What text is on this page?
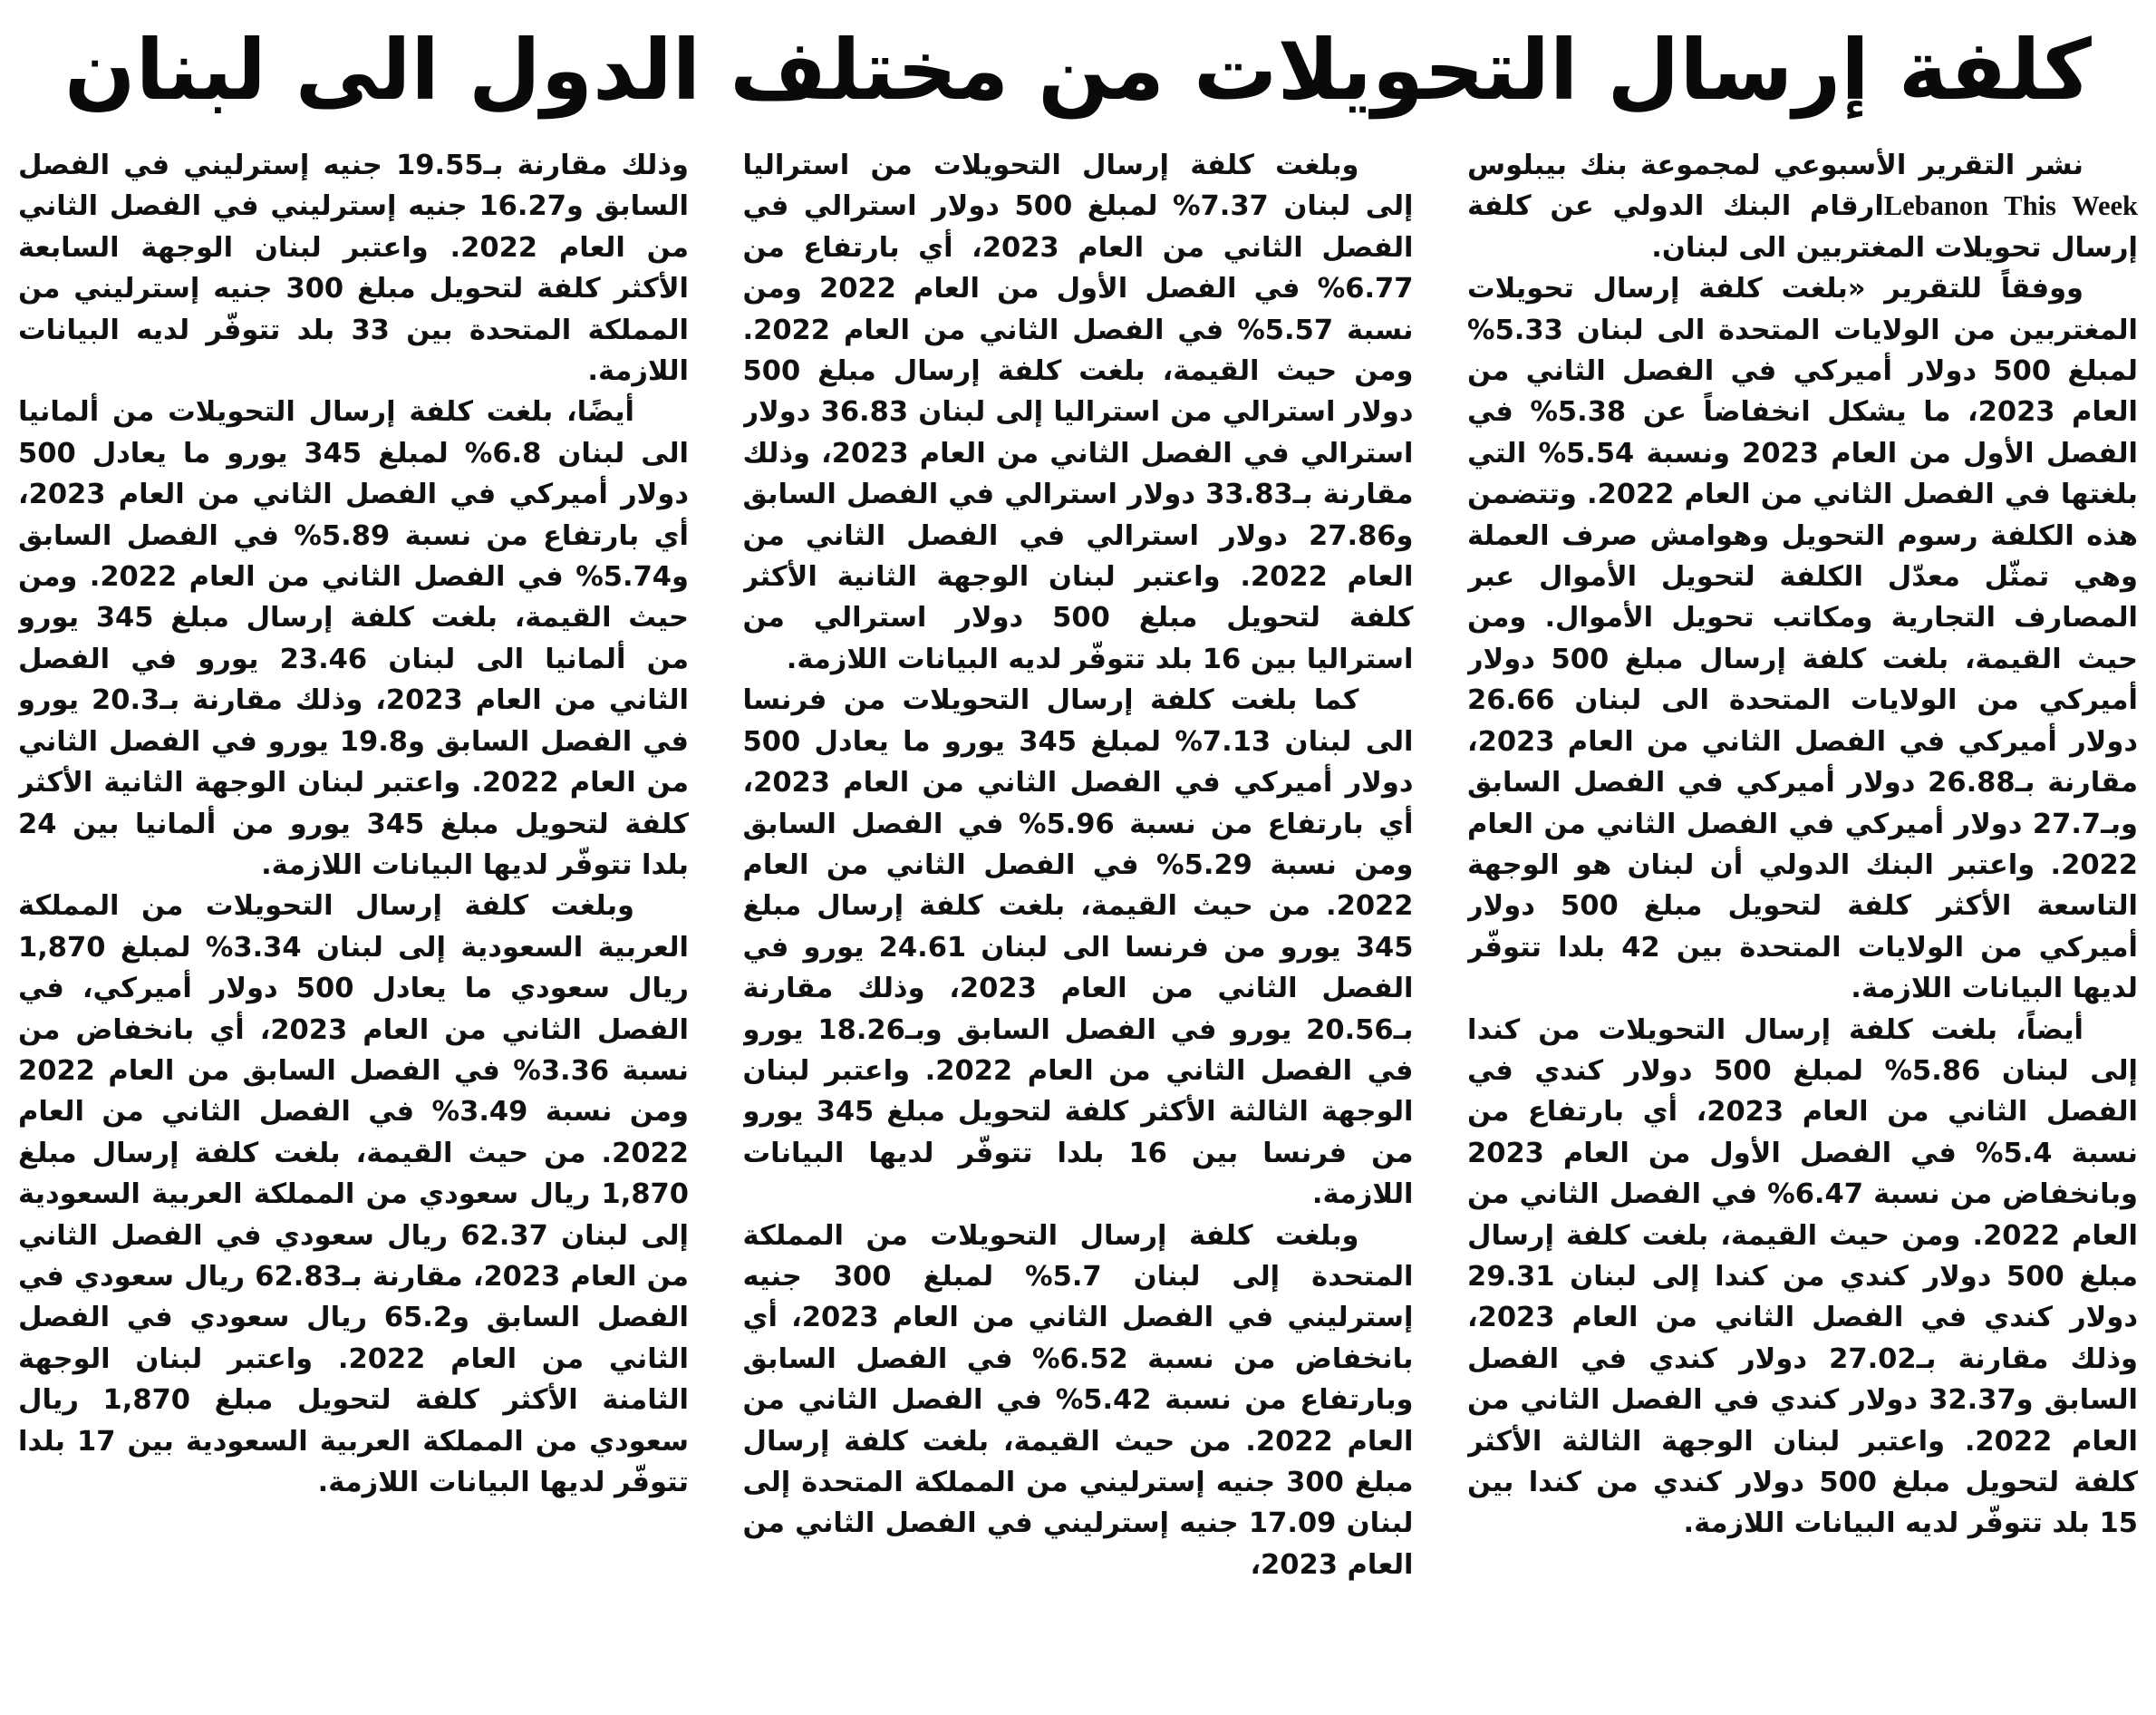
كلفة إرسال التحويلات من مختلف الدول الى لبنان

نشر التقرير الأسبوعي لمجموعة بنك بيبلوس Lebanon This Weekارقام البنك الدولي عن كلفة إرسال تحويلات المغتربين الى لبنان.

ووفقاً للتقرير «بلغت كلفة إرسال تحويلات المغتربين من الولايات المتحدة الى لبنان 5.33% لمبلغ 500 دولار أميركي في الفصل الثاني من العام 2023، ما يشكل انخفاضاً عن 5.38% في الفصل الأول من العام 2023 ونسبة 5.54% التي بلغتها في الفصل الثاني من العام 2022. وتتضمن هذه الكلفة رسوم التحويل وهوامش صرف العملة وهي تمثّل معدّل الكلفة لتحويل الأموال عبر المصارف التجارية ومكاتب تحويل الأموال. ومن حيث القيمة، بلغت كلفة إرسال مبلغ 500 دولار أميركي من الولايات المتحدة الى لبنان 26.66 دولار أميركي في الفصل الثاني من العام 2023، مقارنة بـ26.88 دولار أميركي في الفصل السابق وبـ27.7 دولار أميركي في الفصل الثاني من العام 2022. واعتبر البنك الدولي أن لبنان هو الوجهة التاسعة الأكثر كلفة لتحويل مبلغ 500 دولار أميركي من الولايات المتحدة بين 42 بلدا تتوفّر لديها البيانات اللازمة.

أيضاً، بلغت كلفة إرسال التحويلات من كندا إلى لبنان 5.86% لمبلغ 500 دولار كندي في الفصل الثاني من العام 2023، أي بارتفاع من نسبة 5.4% في الفصل الأول من العام 2023 وبانخفاض من نسبة 6.47% في الفصل الثاني من العام 2022. ومن حيث القيمة، بلغت كلفة إرسال مبلغ 500 دولار كندي من كندا إلى لبنان 29.31 دولار كندي في الفصل الثاني من العام 2023، وذلك مقارنة بـ27.02 دولار كندي في الفصل السابق و32.37 دولار كندي في الفصل الثاني من العام 2022. واعتبر لبنان الوجهة الثالثة الأكثر كلفة لتحويل مبلغ 500 دولار كندي من كندا بين 15 بلد تتوفّر لديه البيانات اللازمة.

وبلغت كلفة إرسال التحويلات من استراليا إلى لبنان 7.37% لمبلغ 500 دولار استرالي في الفصل الثاني من العام 2023، أي بارتفاع من 6.77% في الفصل الأول من العام 2022 ومن نسبة 5.57% في الفصل الثاني من العام 2022. ومن حيث القيمة، بلغت كلفة إرسال مبلغ 500 دولار استرالي من استراليا إلى لبنان 36.83 دولار استرالي في الفصل الثاني من العام 2023، وذلك مقارنة بـ33.83 دولار استرالي في الفصل السابق و27.86 دولار استرالي في الفصل الثاني من العام 2022. واعتبر لبنان الوجهة الثانية الأكثر كلفة لتحويل مبلغ 500 دولار استرالي من استراليا بين 16 بلد تتوفّر لديه البيانات اللازمة.

كما بلغت كلفة إرسال التحويلات من فرنسا الى لبنان 7.13% لمبلغ 345 يورو ما يعادل 500 دولار أميركي في الفصل الثاني من العام 2023، أي بارتفاع من نسبة 5.96% في الفصل السابق ومن نسبة 5.29% في الفصل الثاني من العام 2022. من حيث القيمة، بلغت كلفة إرسال مبلغ 345 يورو من فرنسا الى لبنان 24.61 يورو في الفصل الثاني من العام 2023، وذلك مقارنة بـ20.56 يورو في الفصل السابق وبـ18.26 يورو في الفصل الثاني من العام 2022. واعتبر لبنان الوجهة الثالثة الأكثر كلفة لتحويل مبلغ 345 يورو من فرنسا بين 16 بلدا تتوفّر لديها البيانات اللازمة.

وبلغت كلفة إرسال التحويلات من المملكة المتحدة إلى لبنان 5.7% لمبلغ 300 جنيه إسترليني في الفصل الثاني من العام 2023، أي بانخفاض من نسبة 6.52% في الفصل السابق وبارتفاع من نسبة 5.42% في الفصل الثاني من العام 2022. من حيث القيمة، بلغت كلفة إرسال مبلغ 300 جنيه إسترليني من المملكة المتحدة إلى لبنان 17.09 جنيه إسترليني في الفصل الثاني من العام 2023،

وذلك مقارنة بـ19.55 جنيه إسترليني في الفصل السابق و16.27 جنيه إسترليني في الفصل الثاني من العام 2022. واعتبر لبنان الوجهة السابعة الأكثر كلفة لتحويل مبلغ 300 جنيه إسترليني من المملكة المتحدة بين 33 بلد تتوفّر لديه البيانات اللازمة.

أيضًا، بلغت كلفة إرسال التحويلات من ألمانيا الى لبنان 6.8% لمبلغ 345 يورو ما يعادل 500 دولار أميركي في الفصل الثاني من العام 2023، أي بارتفاع من نسبة 5.89% في الفصل السابق و5.74% في الفصل الثاني من العام 2022. ومن حيث القيمة، بلغت كلفة إرسال مبلغ 345 يورو من ألمانيا الى لبنان 23.46 يورو في الفصل الثاني من العام 2023، وذلك مقارنة بـ20.3 يورو في الفصل السابق و19.8 يورو في الفصل الثاني من العام 2022. واعتبر لبنان الوجهة الثانية الأكثر كلفة لتحويل مبلغ 345 يورو من ألمانيا بين 24 بلدا تتوفّر لديها البيانات اللازمة.

وبلغت كلفة إرسال التحويلات من المملكة العربية السعودية إلى لبنان 3.34% لمبلغ 1,870 ريال سعودي ما يعادل 500 دولار أميركي، في الفصل الثاني من العام 2023، أي بانخفاض من نسبة 3.36% في الفصل السابق من العام 2022 ومن نسبة 3.49% في الفصل الثاني من العام 2022. من حيث القيمة، بلغت كلفة إرسال مبلغ 1,870 ريال سعودي من المملكة العربية السعودية إلى لبنان 62.37 ريال سعودي في الفصل الثاني من العام 2023، مقارنة بـ62.83 ريال سعودي في الفصل السابق و65.2 ريال سعودي في الفصل الثاني من العام 2022. واعتبر لبنان الوجهة الثامنة الأكثر كلفة لتحويل مبلغ 1,870 ريال سعودي من المملكة العربية السعودية بين 17 بلدا تتوفّر لديها البيانات اللازمة.
